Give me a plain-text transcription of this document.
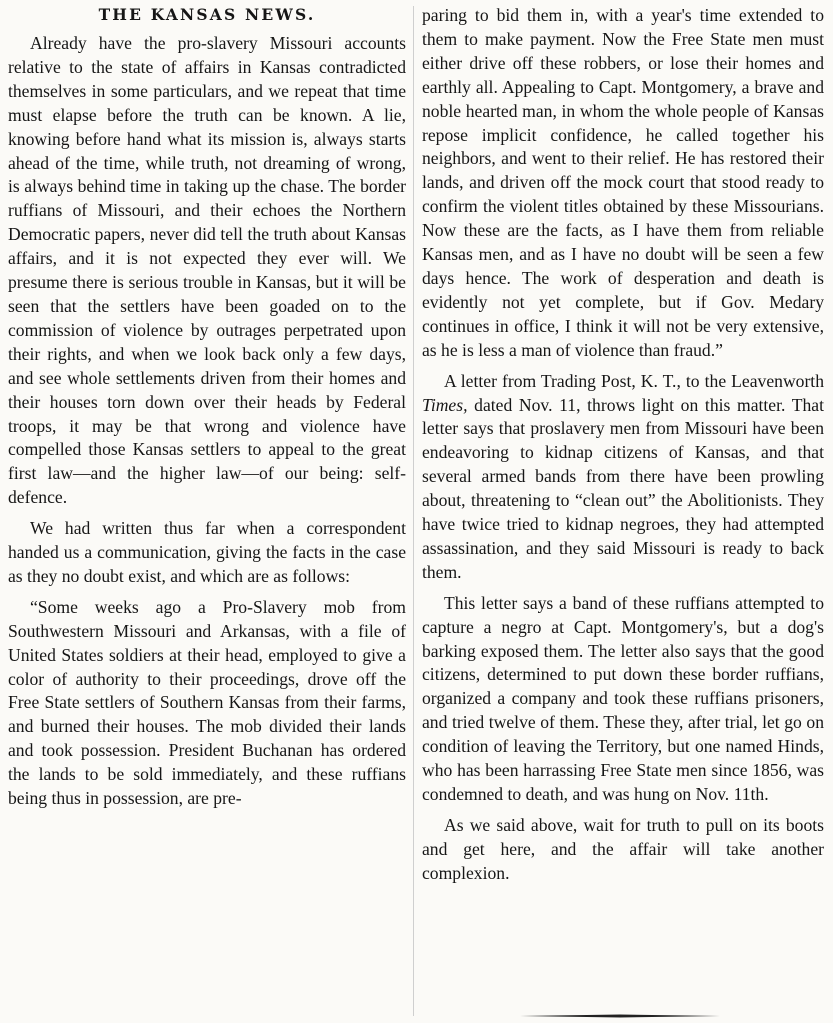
THE KANSAS NEWS.

Already have the pro-slavery Missouri accounts relative to the state of affairs in Kansas contradicted themselves in some particulars, and we repeat that time must elapse before the truth can be known. A lie, knowing before hand what its mission is, always starts ahead of the time, while truth, not dreaming of wrong, is always behind time in taking up the chase. The border ruffians of Missouri, and their echoes the Northern Democratic papers, never did tell the truth about Kansas affairs, and it is not expected they ever will. We presume there is serious trouble in Kansas, but it will be seen that the settlers have been goaded on to the commission of violence by outrages perpetrated upon their rights, and when we look back only a few days, and see whole settlements driven from their homes and their houses torn down over their heads by Federal troops, it may be that wrong and violence have compelled those Kansas settlers to appeal to the great first law—and the higher law—of our being: self-defence.

We had written thus far when a correspondent handed us a communication, giving the facts in the case as they no doubt exist, and which are as follows:

“Some weeks ago a Pro-Slavery mob from Southwestern Missouri and Arkansas, with a file of United States soldiers at their head, employed to give a color of authority to their proceedings, drove off the Free State settlers of Southern Kansas from their farms, and burned their houses. The mob divided their lands and took possession. President Buchanan has ordered the lands to be sold immediately, and these ruffians being thus in possession, are pre-

paring to bid them in, with a year's time extended to them to make payment. Now the Free State men must either drive off these robbers, or lose their homes and earthly all. Appealing to Capt. Montgomery, a brave and noble hearted man, in whom the whole people of Kansas repose implicit confidence, he called together his neighbors, and went to their relief. He has restored their lands, and driven off the mock court that stood ready to confirm the violent titles obtained by these Missourians. Now these are the facts, as I have them from reliable Kansas men, and as I have no doubt will be seen a few days hence. The work of desperation and death is evidently not yet complete, but if Gov. Medary continues in office, I think it will not be very extensive, as he is less a man of violence than fraud.”

A letter from Trading Post, K. T., to the Leavenworth Times, dated Nov. 11, throws light on this matter. That letter says that proslavery men from Missouri have been endeavoring to kidnap citizens of Kansas, and that several armed bands from there have been prowling about, threatening to “clean out” the Abolitionists. They have twice tried to kidnap negroes, they had attempted assassination, and they said Missouri is ready to back them.

This letter says a band of these ruffians attempted to capture a negro at Capt. Montgomery's, but a dog's barking exposed them. The letter also says that the good citizens, determined to put down these border ruffians, organized a company and took these ruffians prisoners, and tried twelve of them. These they, after trial, let go on condition of leaving the Territory, but one named Hinds, who has been harrassing Free State men since 1856, was condemned to death, and was hung on Nov. 11th.

As we said above, wait for truth to pull on its boots and get here, and the affair will take another complexion.
